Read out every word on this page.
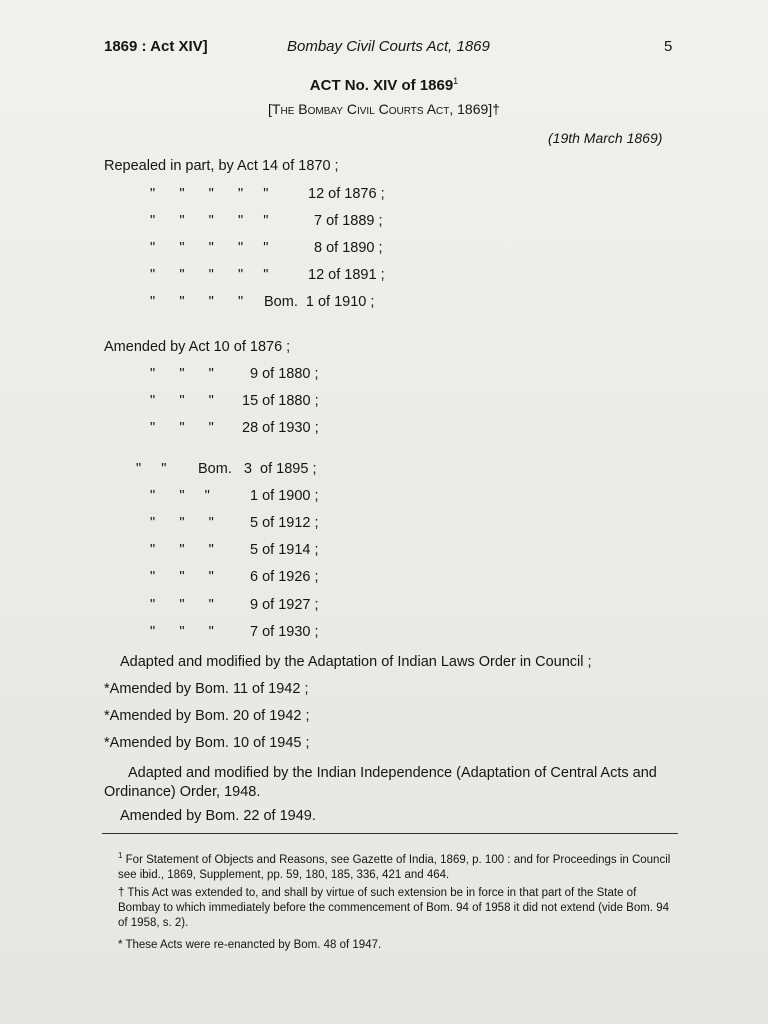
1869 : Act XIV]	Bombay Civil Courts Act, 1869	5
ACT No. XIV of 1869$^1$
[The Bombay Civil Courts Act, 1869]†
(19th March 1869)
Repealed in part, by Act 14 of 1870 ;
"      "      "      "     " 12 of 1876 ;
"      "      "      "     "	7 of 1889 ;
"      "      "      "     "	8 of 1890 ;
"      "      "      "     "	12 of 1891 ;
"      "      "      " Bom.  1 of 1910 ;
Amended by Act 10 of 1876 ;
"      "      " 9 of 1880 ;
"      "      " 15 of 1880 ;
"      "      " 28 of 1930 ;
"     " Bom.   3  of 1895 ;
"      "     "	1 of 1900 ;
"      "      " 5 of 1912 ;
"      "      " 5 of 1914 ;
"      "      " 6 of 1926 ;
"      "      " 9 of 1927 ;
"      "      " 7 of 1930 ;
Adapted and modified by the Adaptation of Indian Laws Order in Council ;
*Amended by Bom. 11 of 1942 ;
*Amended by Bom. 20 of 1942 ;
*Amended by Bom. 10 of 1945 ;
Adapted and modified by the Indian Independence (Adaptation of Central Acts and Ordinance) Order, 1948.
Amended by Bom. 22 of 1949.
$^1$ For Statement of Objects and Reasons, see Gazette of India, 1869, p. 100 : and for Proceedings in Council see ibid., 1869, Supplement, pp. 59, 180, 185, 336, 421 and 464.
† This Act was extended to, and shall by virtue of such extension be in force in that part of the State of Bombay to which immediately before the commencement of Bom. 94 of 1958 it did not extend (vide Bom. 94 of 1958, s. 2).
* These Acts were re-enancted by Bom. 48 of 1947.
